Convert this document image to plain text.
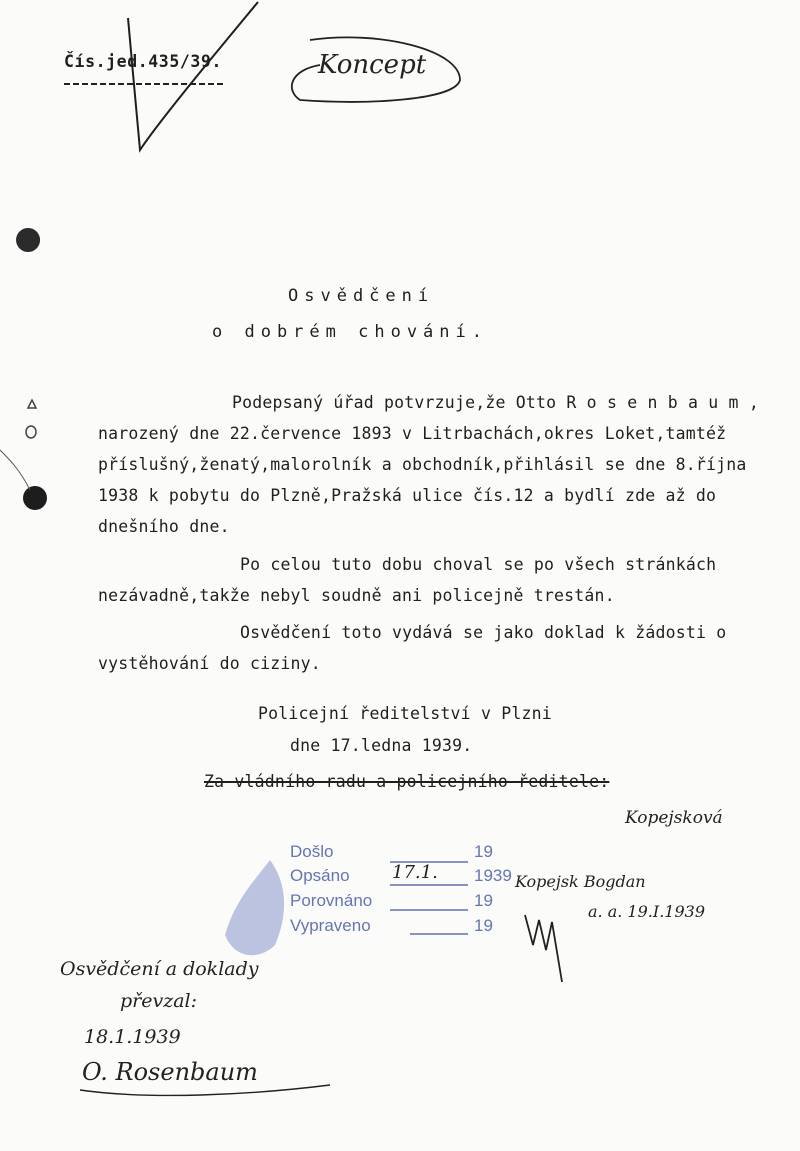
Čís.jed.435/39.	Koncept
Osvědčení
o dobrém chování.
Podepsaný úřad potvrzuje,že Otto R o s e n b a u m ,
narozený dne 22.července 1893 v Litrbachách,okres Loket,tamtéž
příslušný,ženatý,malorolník a obchodník,přihlásil se dne 8.října
1938 k pobytu do Plzně,Pražská ulice čís.12 a bydlí zde až do
dnešního dne.
Po celou tuto dobu choval se po všech stránkách
nezávadně,takže nebyl soudně ani policejně trestán.
Osvědčení toto vydává se jako doklad k žádosti o
vystěhování do ciziny.
Policejní ředitelství v Plzni
dne 17.ledna 1939.
Za vládního radu a policejního ředitele:
Kopejsková
Došlo	19
Opsáno 17.1. 1939
Porovnáno	19
Vypraveno	19
Kopejsk Bogdan
a. a. 19.I.1939
Osvědčení a doklady
převzal:
18.1.1939
O. Rosenbaum
